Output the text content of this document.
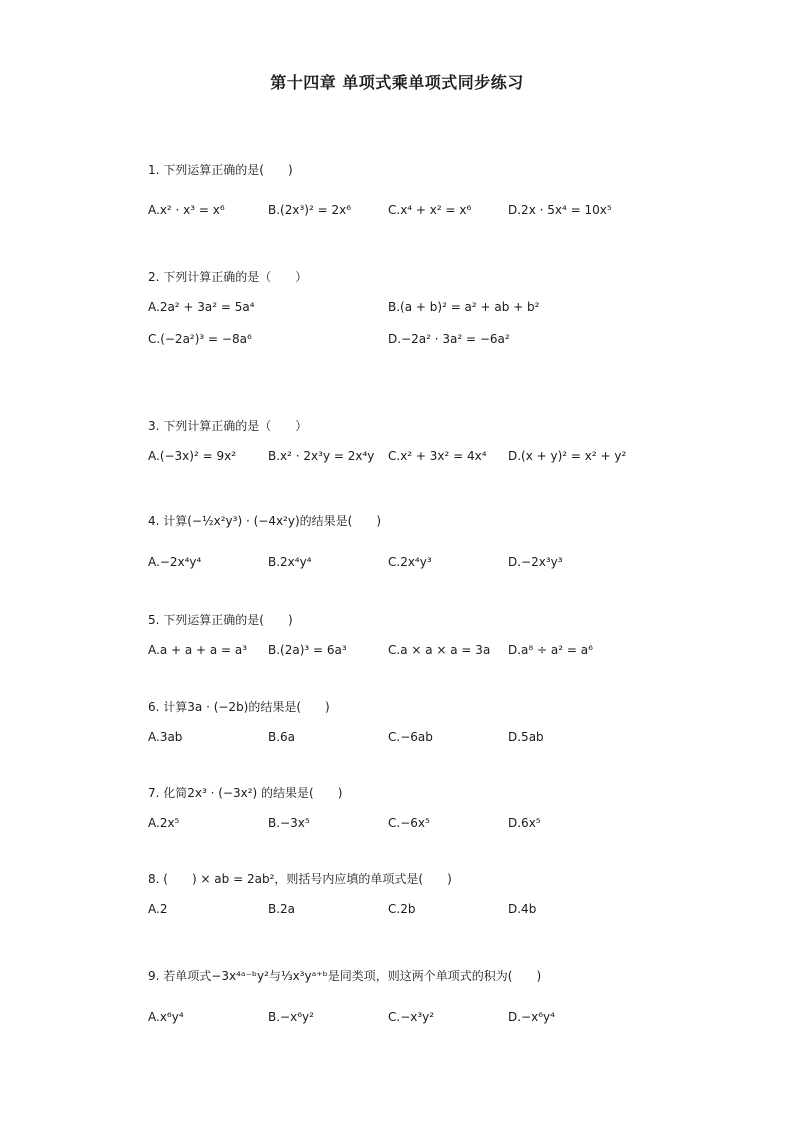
第十四章 单项式乘单项式同步练习
1. 下列运算正确的是(　　)
A.x² · x³ = x⁶	B.(2x³)² = 2x⁶	C.x⁴ + x² = x⁶	D.2x · 5x⁴ = 10x⁵
2. 下列计算正确的是（　　）
A.2a² + 3a² = 5a⁴	B.(a + b)² = a² + ab + b²
C.(−2a²)³ = −8a⁶	D.−2a² · 3a² = −6a²
3. 下列计算正确的是（　　）
A.(−3x)² = 9x²	B.x² · 2x³y = 2x⁴y C.x² + 3x² = 4x⁴ D.(x + y)² = x² + y²
4. 计算(−½x²y³) · (−4x²y)的结果是(　　)
A.−2x⁴y⁴	B.2x⁴y⁴	C.2x⁴y³	D.−2x³y³
5. 下列运算正确的是(　　)
A.a + a + a = a³ B.(2a)³ = 6a³	C.a × a × a = 3a D.a⁸ ÷ a² = a⁶
6. 计算3a · (−2b)的结果是(　　)
A.3ab	B.6a	C.−6ab	D.5ab
7. 化简2x³ · (−3x²) 的结果是(　　)
A.2x⁵	B.−3x⁵	C.−6x⁵	D.6x⁵
8. (　　) × ab = 2ab²，则括号内应填的单项式是(　　)
A.2	B.2a	C.2b	D.4b
9. 若单项式−3x⁴ᵃ⁻ᵇy²与⅓x³yᵃ⁺ᵇ是同类项，则这两个单项式的积为(　　)
A.x⁶y⁴	B.−x⁶y²	C.−x³y²	D.−x⁶y⁴
